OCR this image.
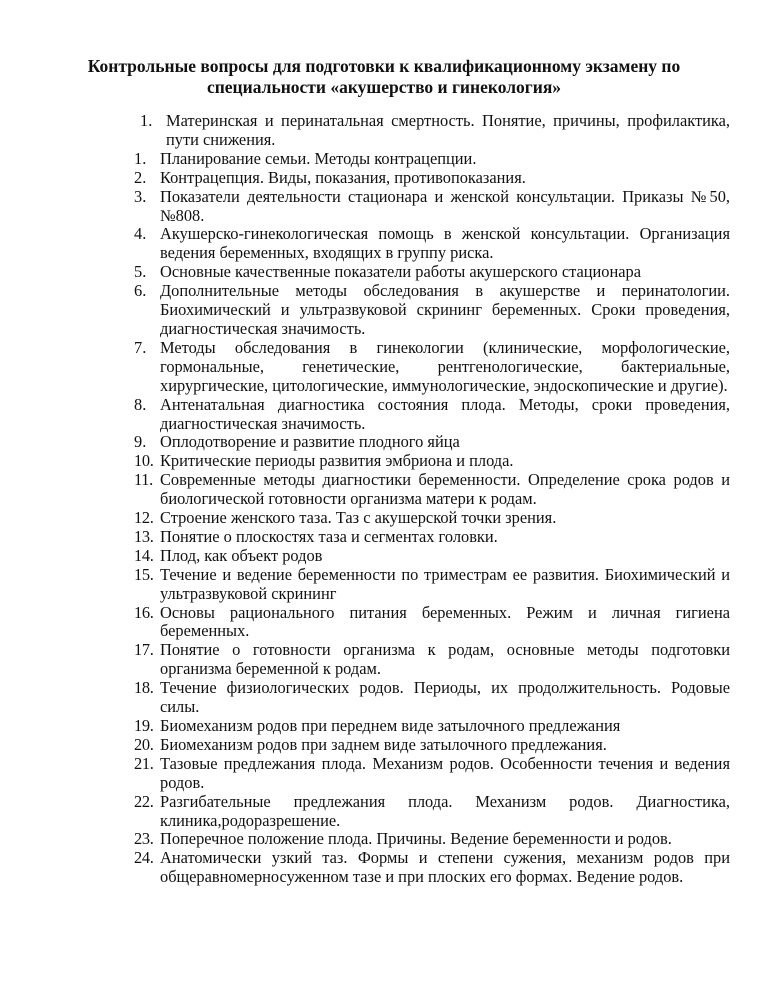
Контрольные вопросы для подготовки к квалификационному экзамену по
специальности «акушерство и гинекология»
1. Материнская и перинатальная смертность. Понятие, причины, профилактика, пути снижения.
1. Планирование семьи. Методы контрацепции.
2. Контрацепция. Виды, показания, противопоказания.
3. Показатели деятельности стационара и женской консультации. Приказы №50, №808.
4. Акушерско-гинекологическая помощь в женской консультации. Организация ведения беременных, входящих в группу риска.
5. Основные качественные показатели работы акушерского стационара
6. Дополнительные методы обследования в акушерстве и перинатологии. Биохимический и ультразвуковой скрининг беременных. Сроки проведения, диагностическая значимость.
7. Методы обследования в гинекологии (клинические, морфологические, гормональные, генетические, рентгенологические, бактериальные, хирургические, цитологические, иммунологические, эндоскопические и другие).
8. Антенатальная диагностика состояния плода. Методы, сроки проведения, диагностическая значимость.
9. Оплодотворение и развитие плодного яйца
10. Критические периоды развития эмбриона и плода.
11. Современные методы диагностики беременности. Определение срока родов и биологической готовности организма матери к родам.
12. Строение женского таза. Таз с акушерской точки зрения.
13. Понятие о плоскостях таза и сегментах головки.
14. Плод, как объект родов
15. Течение и ведение беременности по триместрам ее развития. Биохимический и ультразвуковой скрининг
16. Основы рационального питания беременных. Режим и личная гигиена беременных.
17. Понятие о готовности организма к родам, основные методы подготовки организма беременной к родам.
18. Течение физиологических родов. Периоды, их продолжительность. Родовые силы.
19. Биомеханизм родов при переднем виде затылочного предлежания
20. Биомеханизм родов при заднем виде затылочного предлежания.
21. Тазовые предлежания плода. Механизм родов. Особенности течения и ведения родов.
22. Разгибательные предлежания плода. Механизм родов. Диагностика, клиника,родоразрешение.
23. Поперечное положение плода. Причины. Ведение беременности и родов.
24. Анатомически узкий таз. Формы и степени сужения, механизм родов при общеравномерносуженном тазе и при плоских его формах. Ведение родов.
